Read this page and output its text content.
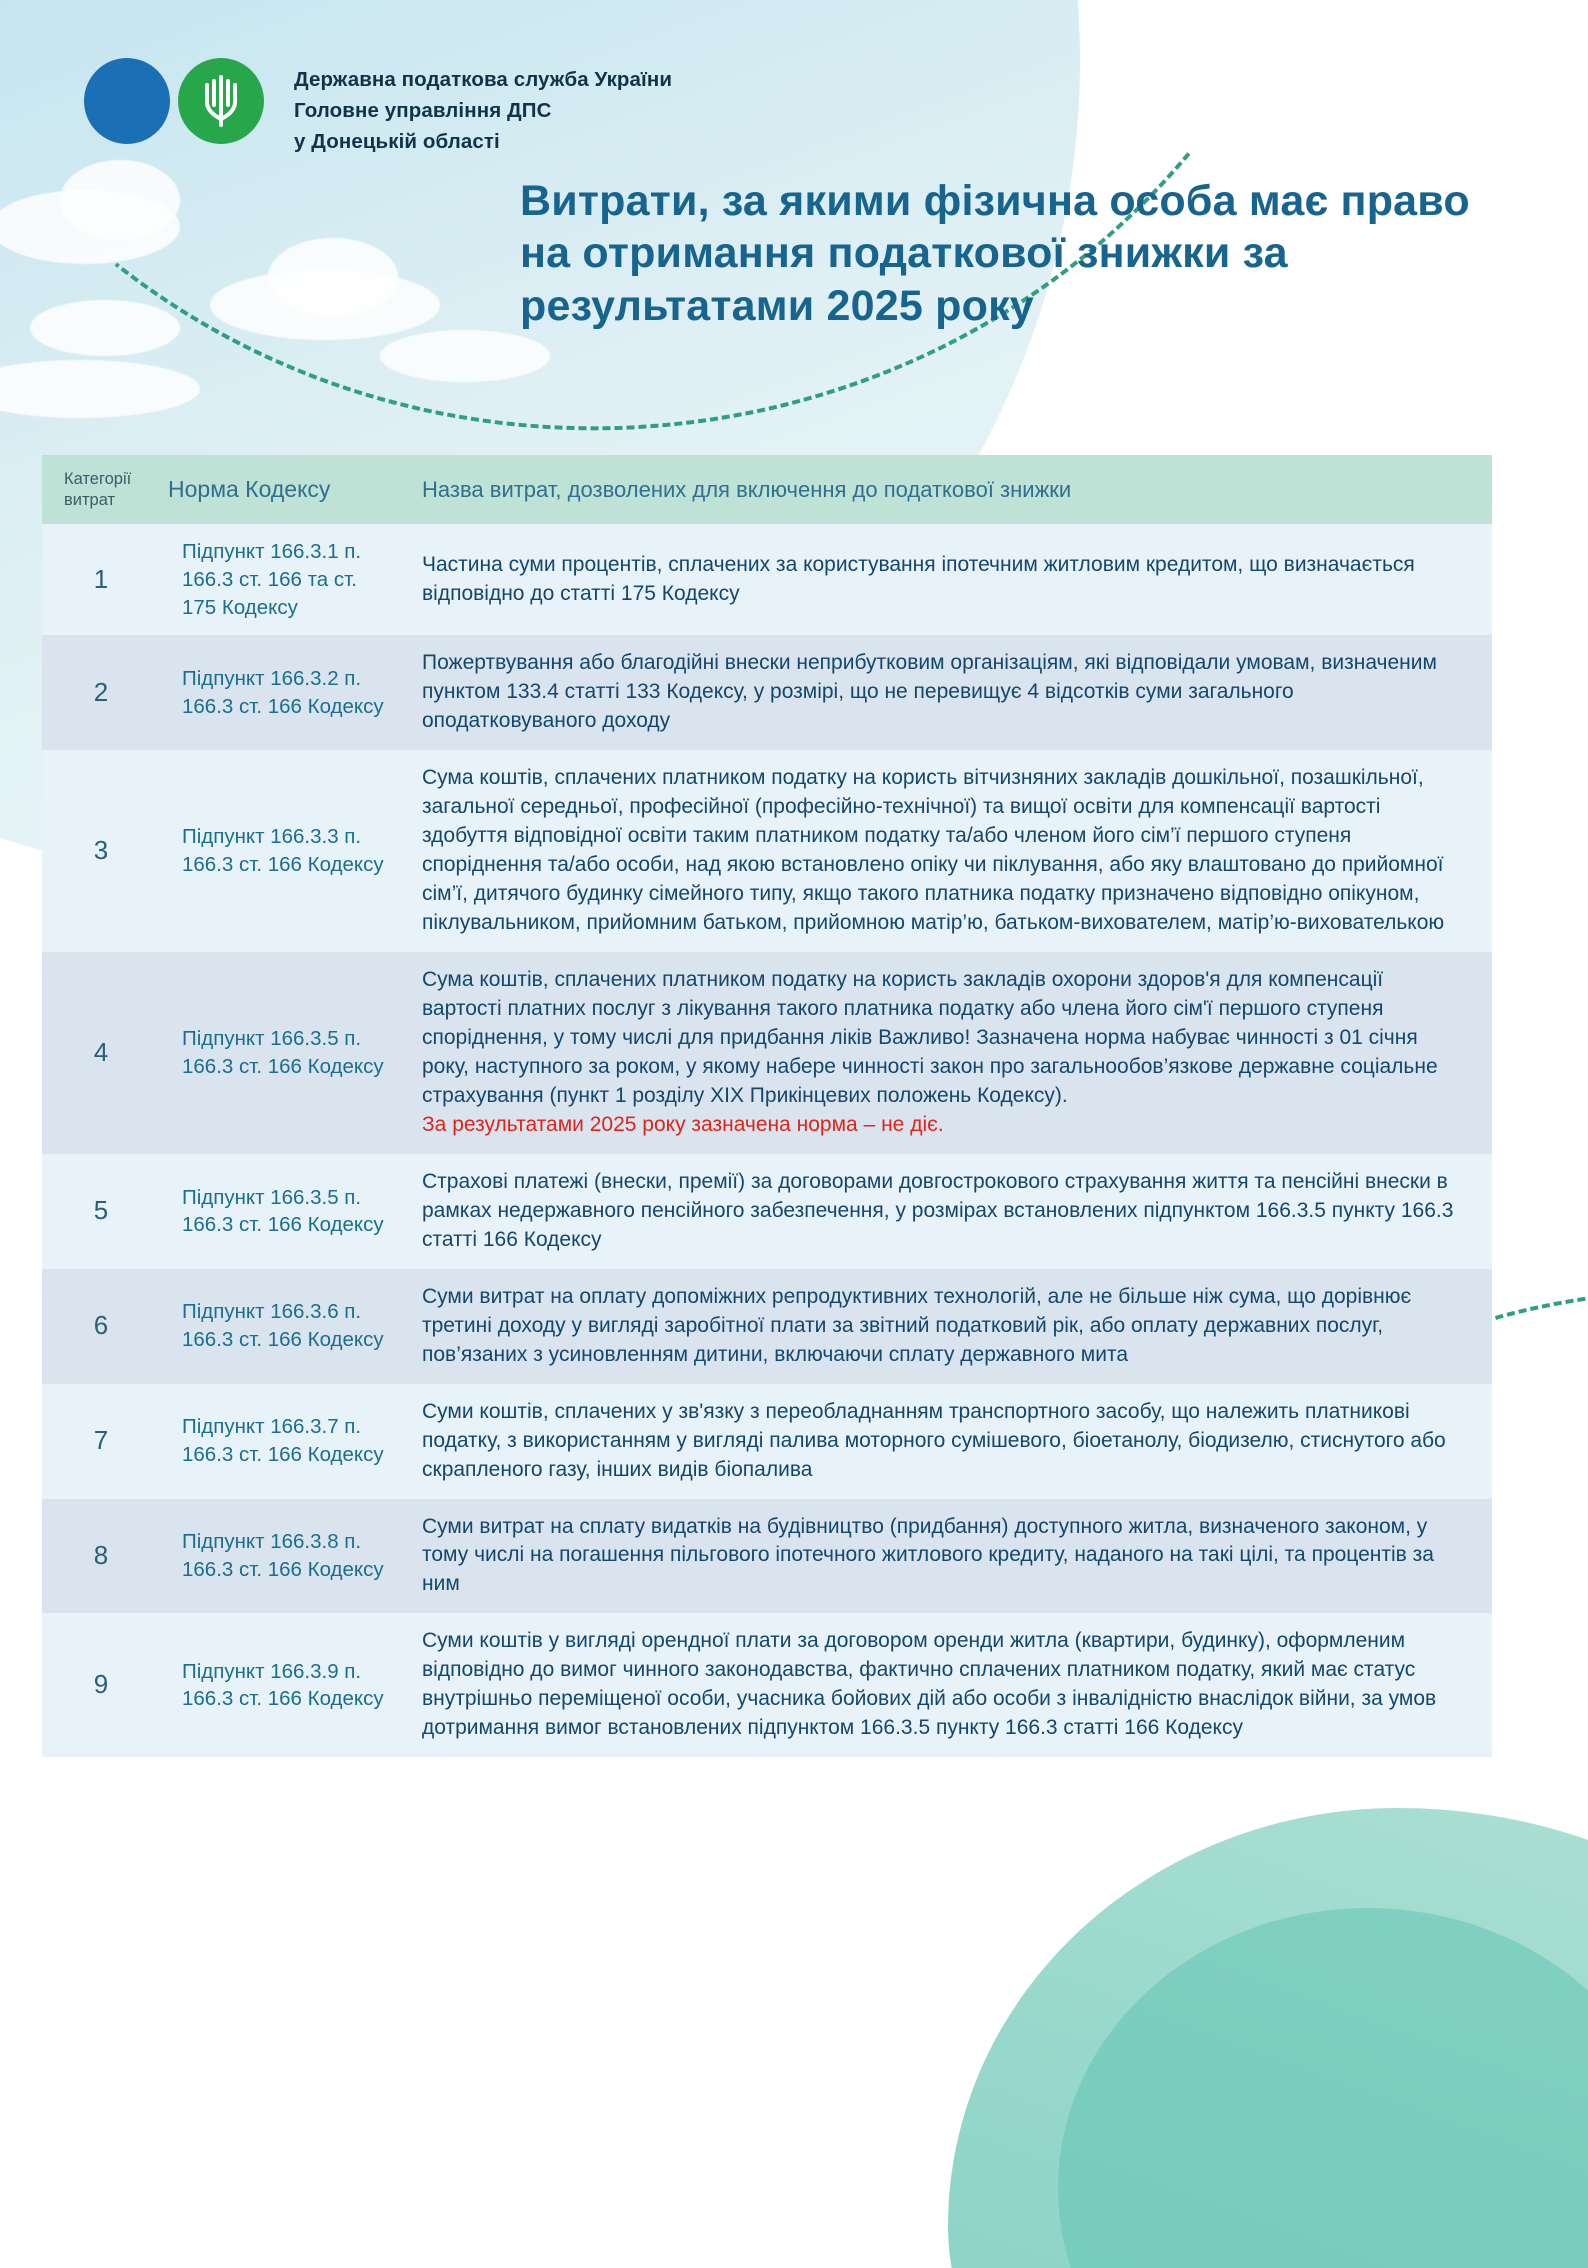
Державна податкова служба України
Головне управління ДПС
у Донецькій області
Витрати, за якими фізична особа має право на отримання податкової знижки за результатами 2025 року
Категорії витрат	Норма Кодексу	Назва витрат, дозволених для включення до податкової знижки
1	Підпункт 166.3.1 п. 166.3 ст. 166 та ст. 175 Кодексу	Частина суми процентів, сплачених за користування іпотечним житловим кредитом, що визначається відповідно до статті 175 Кодексу
2	Підпункт 166.3.2 п. 166.3 ст. 166 Кодексу	Пожертвування або благодійні внески неприбутковим організаціям, які відповідали умовам, визначеним пунктом 133.4 статті 133 Кодексу, у розмірі, що не перевищує 4 відсотків суми загального оподатковуваного доходу
3	Підпункт 166.3.3 п. 166.3 ст. 166 Кодексу	Сума коштів, сплачених платником податку на користь вітчизняних закладів дошкільної, позашкільної, загальної середньої, професійної (професійно-технічної) та вищої освіти для компенсації вартості здобуття відповідної освіти таким платником податку та/або членом його сім’ї першого ступеня споріднення та/або особи, над якою встановлено опіку чи піклування, або яку влаштовано до прийомної сім’ї, дитячого будинку сімейного типу, якщо такого платника податку призначено відповідно опікуном, піклувальником, прийомним батьком, прийомною матір’ю, батьком-вихователем, матір’ю-вихователькою
4	Підпункт 166.3.5 п. 166.3 ст. 166 Кодексу	Сума коштів, сплачених платником податку на користь закладів охорони здоров'я для компенсації вартості платних послуг з лікування такого платника податку або члена його сім'ї першого ступеня споріднення, у тому числі для придбання ліків Важливо! Зазначена норма набуває чинності з 01 січня року, наступного за роком, у якому набере чинності закон про загальнообов’язкове державне соціальне страхування (пункт 1 розділу XIX Прикінцевих положень Кодексу).
За результатами 2025 року зазначена норма – не діє.

5	Підпункт 166.3.5 п. 166.3 ст. 166 Кодексу	Страхові платежі (внески, премії) за договорами довгострокового страхування життя та пенсійні внески в рамках недержавного пенсійного забезпечення, у розмірах встановлених підпунктом 166.3.5 пункту 166.3 статті 166 Кодексу
6	Підпункт 166.3.6 п. 166.3 ст. 166 Кодексу	Суми витрат на оплату допоміжних репродуктивних технологій, але не більше ніж сума, що дорівнює третині доходу у вигляді заробітної плати за звітний податковий рік, або оплату державних послуг, пов’язаних з усиновленням дитини, включаючи сплату державного мита
7	Підпункт 166.3.7 п. 166.3 ст. 166 Кодексу	Суми коштів, сплачених у зв'язку з переобладнанням транспортного засобу, що належить платникові податку, з використанням у вигляді палива моторного сумішевого, біоетанолу, біодизелю, стиснутого або скрапленого газу, інших видів біопалива
8	Підпункт 166.3.8 п. 166.3 ст. 166 Кодексу	Суми витрат на сплату видатків на будівництво (придбання) доступного житла, визначеного законом, у тому числі на погашення пільгового іпотечного житлового кредиту, наданого на такі цілі, та процентів за ним
9	Підпункт 166.3.9 п. 166.3 ст. 166 Кодексу	Суми коштів у вигляді орендної плати за договором оренди житла (квартири, будинку), оформленим відповідно до вимог чинного законодавства, фактично сплачених платником податку, який має статус внутрішньо переміщеної особи, учасника бойових дій або особи з інвалідністю внаслідок війни, за умов дотримання вимог встановлених підпунктом 166.3.5 пункту 166.3 статті 166 Кодексу
